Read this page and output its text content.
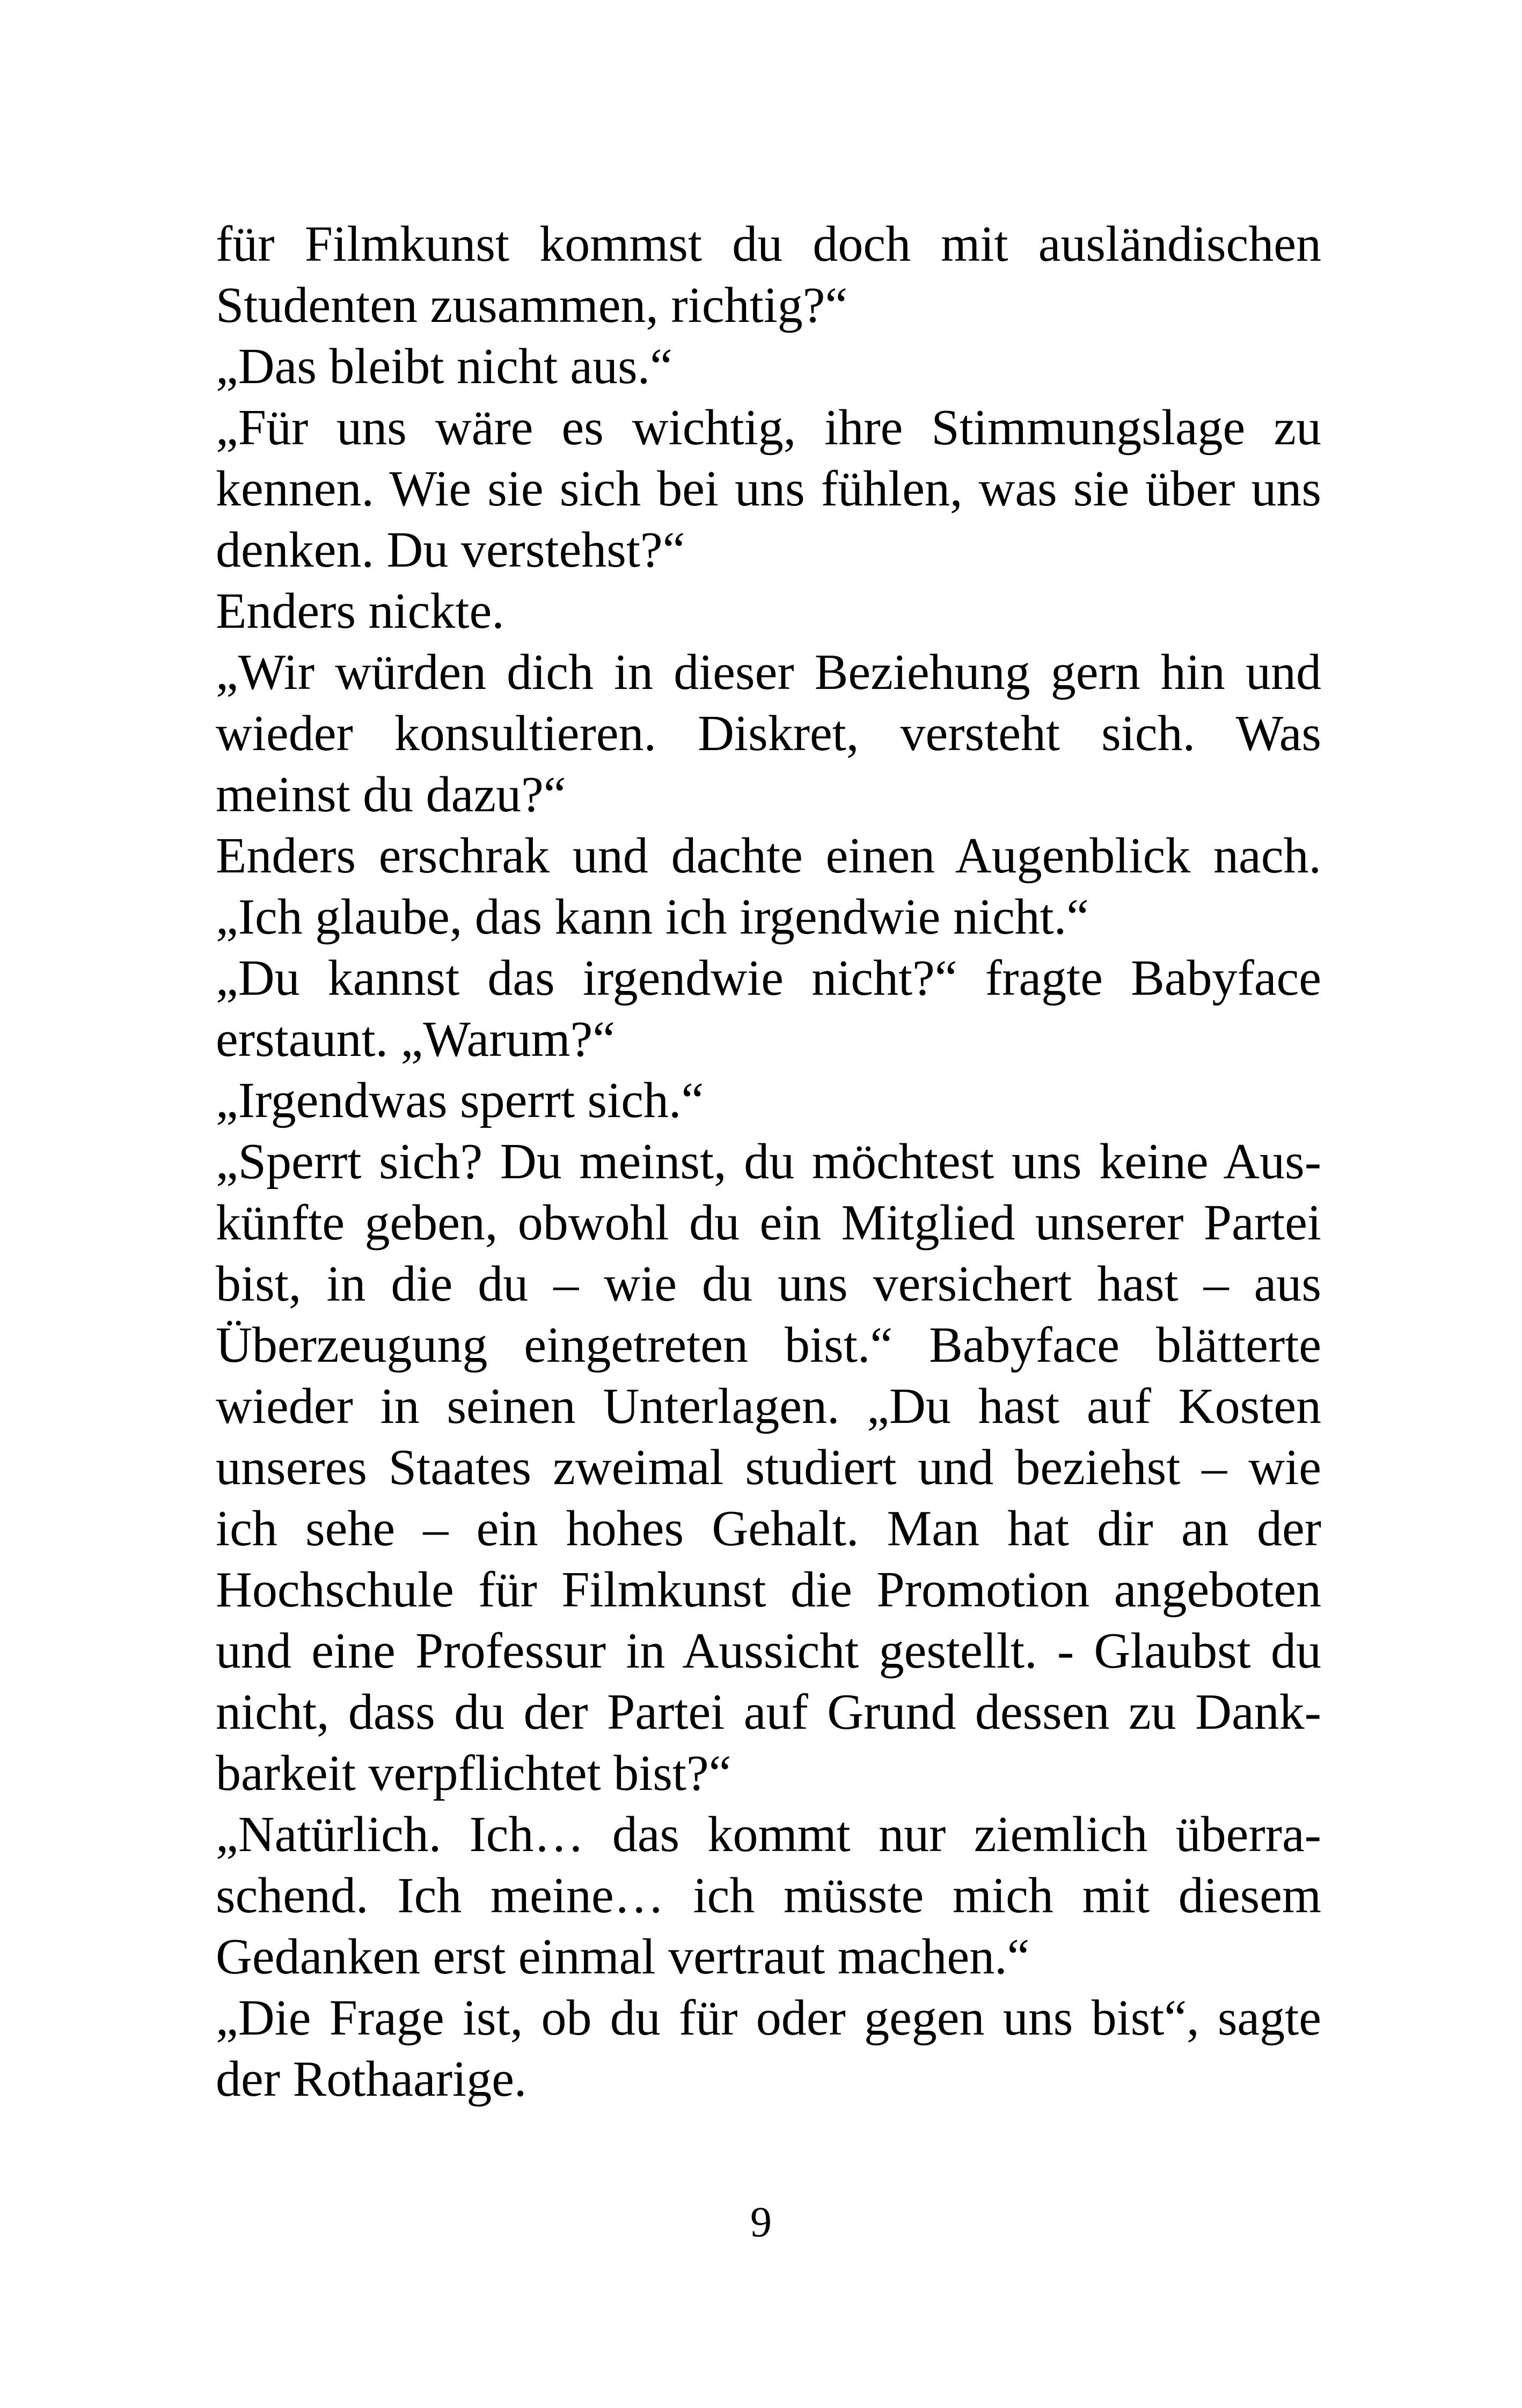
für Filmkunst kommst du doch mit ausländischen
Studenten zusammen, richtig?“
„Das bleibt nicht aus.“
„Für uns wäre es wichtig, ihre Stimmungslage zu
kennen. Wie sie sich bei uns fühlen, was sie über uns
denken. Du verstehst?“
Enders nickte.
„Wir würden dich in dieser Beziehung gern hin und
wieder konsultieren. Diskret, versteht sich. Was
meinst du dazu?“
Enders erschrak und dachte einen Augenblick nach.
„Ich glaube, das kann ich irgendwie nicht.“
„Du kannst das irgendwie nicht?“ fragte Babyface
erstaunt. „Warum?“
„Irgendwas sperrt sich.“
„Sperrt sich? Du meinst, du möchtest uns keine Aus-
künfte geben, obwohl du ein Mitglied unserer Partei
bist, in die du – wie du uns versichert hast – aus
Überzeugung eingetreten bist.“ Babyface blätterte
wieder in seinen Unterlagen. „Du hast auf Kosten
unseres Staates zweimal studiert und beziehst – wie
ich sehe – ein hohes Gehalt. Man hat dir an der
Hochschule für Filmkunst die Promotion angeboten
und eine Professur in Aussicht gestellt. - Glaubst du
nicht, dass du der Partei auf Grund dessen zu Dank-
barkeit verpflichtet bist?“
„Natürlich. Ich… das kommt nur ziemlich überra-
schend. Ich meine… ich müsste mich mit diesem
Gedanken erst einmal vertraut machen.“
„Die Frage ist, ob du für oder gegen uns bist“, sagte
der Rothaarige.
9
